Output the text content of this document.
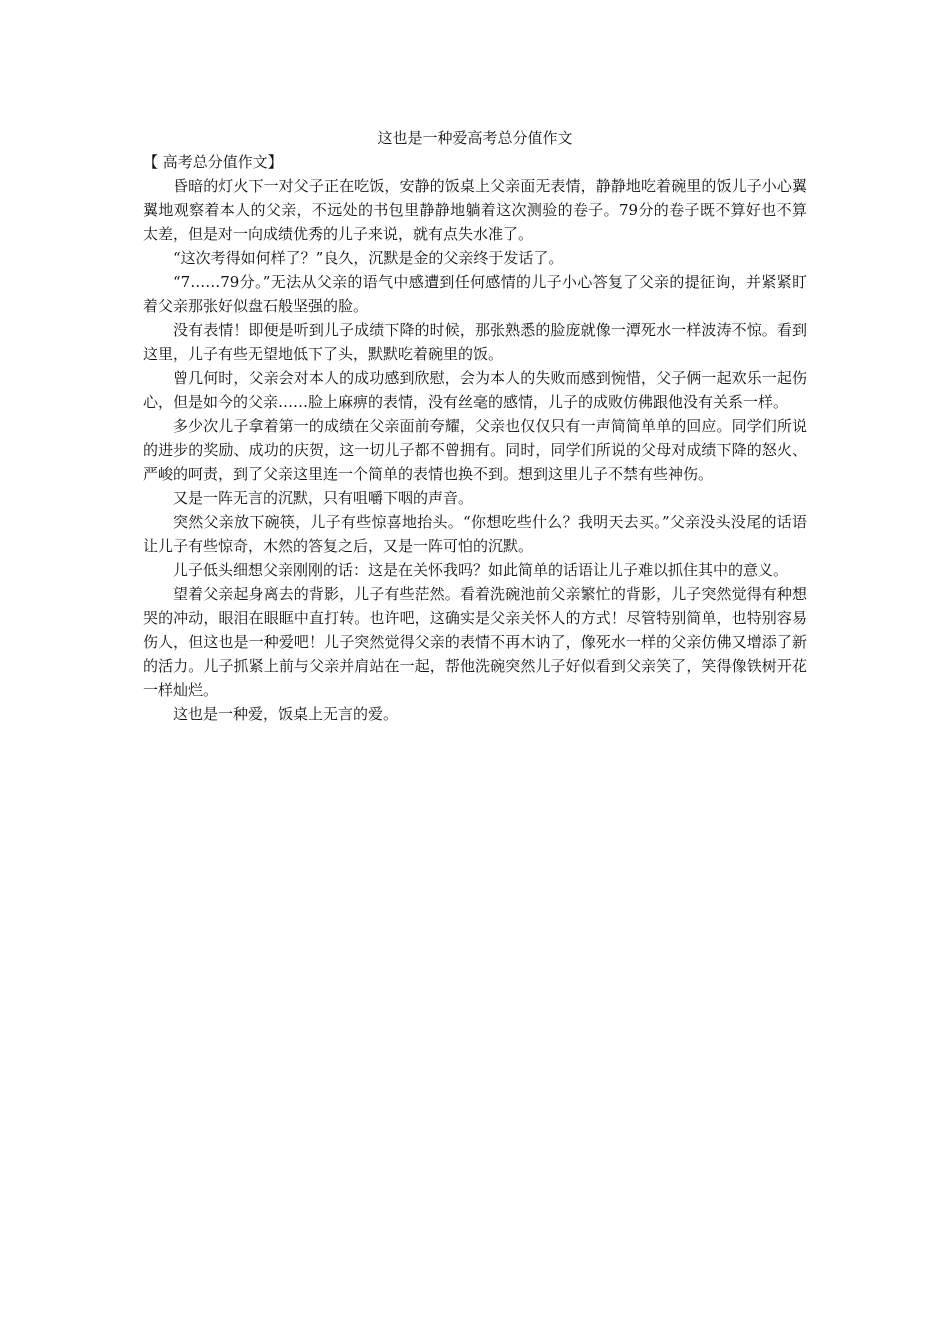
这也是一种爱高考总分值作文

【 高考总分值作文】

昏暗的灯火下一对父子正在吃饭，安静的饭桌上父亲面无表情，静静地吃着碗里的饭儿子小心翼翼地观察着本人的父亲，不远处的书包里静静地躺着这次测验的卷子。79分的卷子既不算好也不算太差，但是对一向成绩优秀的儿子来说，就有点失水准了。

“这次考得如何样了？”良久，沉默是金的父亲终于发话了。

“7……79分。”无法从父亲的语气中感遭到任何感情的儿子小心答复了父亲的提征询，并紧紧盯着父亲那张好似盘石般坚强的脸。

没有表情！即便是听到儿子成绩下降的时候，那张熟悉的脸庞就像一潭死水一样波涛不惊。看到这里，儿子有些无望地低下了头，默默吃着碗里的饭。

曾几何时，父亲会对本人的成功感到欣慰，会为本人的失败而感到惋惜，父子俩一起欢乐一起伤心，但是如今的父亲……脸上麻痹的表情，没有丝毫的感情，儿子的成败仿佛跟他没有关系一样。

多少次儿子拿着第一的成绩在父亲面前夸耀，父亲也仅仅只有一声简简单单的回应。同学们所说的进步的奖励、成功的庆贺，这一切儿子都不曾拥有。同时，同学们所说的父母对成绩下降的怒火、严峻的呵责，到了父亲这里连一个简单的表情也换不到。想到这里儿子不禁有些神伤。

又是一阵无言的沉默，只有咀嚼下咽的声音。

突然父亲放下碗筷，儿子有些惊喜地抬头。“你想吃些什么？我明天去买。”父亲没头没尾的话语让儿子有些惊奇，木然的答复之后，又是一阵可怕的沉默。

儿子低头细想父亲刚刚的话：这是在关怀我吗？如此简单的话语让儿子难以抓住其中的意义。

望着父亲起身离去的背影，儿子有些茫然。看着洗碗池前父亲繁忙的背影，儿子突然觉得有种想哭的冲动，眼泪在眼眶中直打转。也许吧，这确实是父亲关怀人的方式！尽管特别简单，也特别容易伤人，但这也是一种爱吧！儿子突然觉得父亲的表情不再木讷了，像死水一样的父亲仿佛又增添了新的活力。儿子抓紧上前与父亲并肩站在一起，帮他洗碗突然儿子好似看到父亲笑了，笑得像铁树开花一样灿烂。

这也是一种爱，饭桌上无言的爱。
